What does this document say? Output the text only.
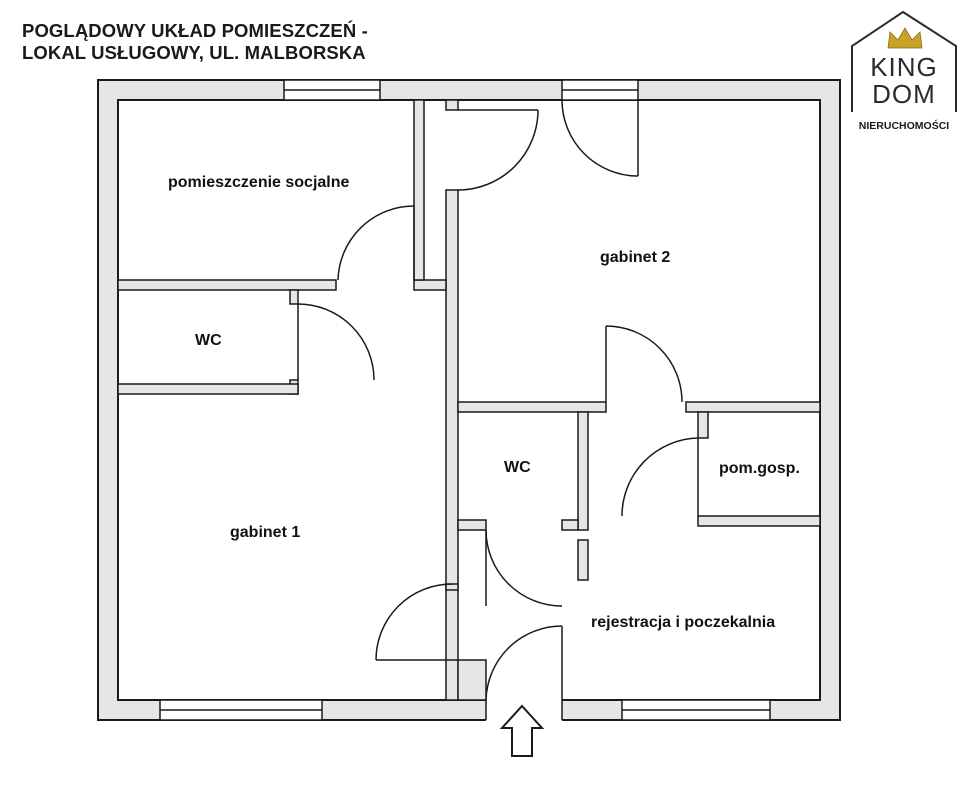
POGLĄDOWY UKŁAD POMIESZCZEŃ -
LOKAL USŁUGOWY, UL. MALBORSKA
pomieszczenie socjalne
gabinet 2
WC
WC	pom.gosp.
gabinet 1
rejestracja i poczekalnia
KING
DOM
NIERUCHOMOŚCI
